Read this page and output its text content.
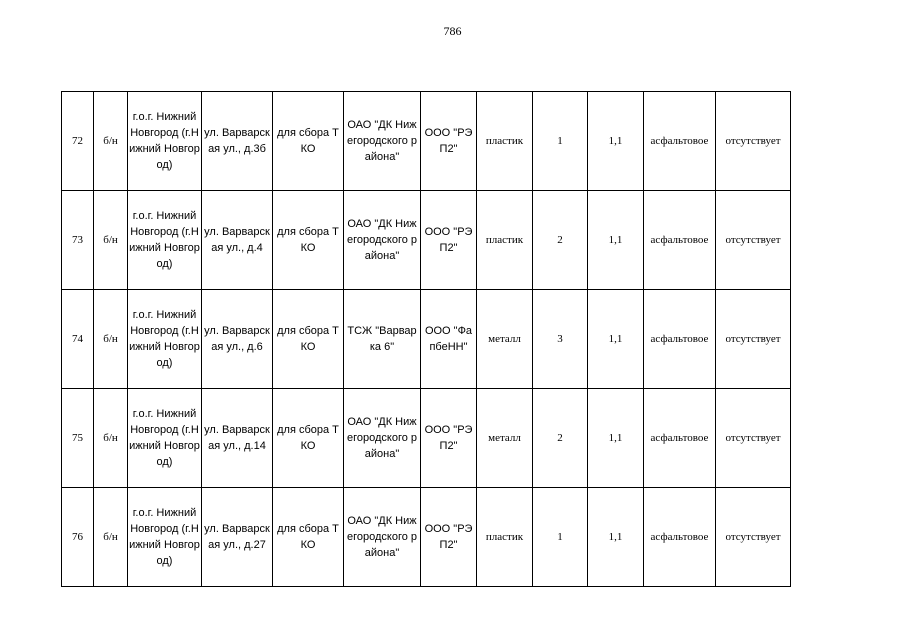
786
72	б/н	г.о.г. Нижний Новгород (г.Нижний Новгород)	ул. Варварская ул., д.3б	для сбора ТКО	ОАО "ДК Нижегородского района"	ООО "РЭП2"	пластик	1	1,1	асфальтовое	отсутствует
73	б/н	г.о.г. Нижний Новгород (г.Нижний Новгород)	ул. Варварская ул., д.4	для сбора ТКО	ОАО "ДК Нижегородского района"	ООО "РЭП2"	пластик	2	1,1	асфальтовое	отсутствует
74	б/н	г.о.г. Нижний Новгород (г.Нижний Новгород)	ул. Варварская ул., д.6	для сбора ТКО	ТСЖ "Варварка 6"	ООО "ФапбеНН"	металл	3	1,1	асфальтовое	отсутствует
75	б/н	г.о.г. Нижний Новгород (г.Нижний Новгород)	ул. Варварская ул., д.14	для сбора ТКО	ОАО "ДК Нижегородского района"	ООО "РЭП2"	металл	2	1,1	асфальтовое	отсутствует
76	б/н	г.о.г. Нижний Новгород (г.Нижний Новгород)	ул. Варварская ул., д.27	для сбора ТКО	ОАО "ДК Нижегородского района"	ООО "РЭП2"	пластик	1	1,1	асфальтовое	отсутствует
